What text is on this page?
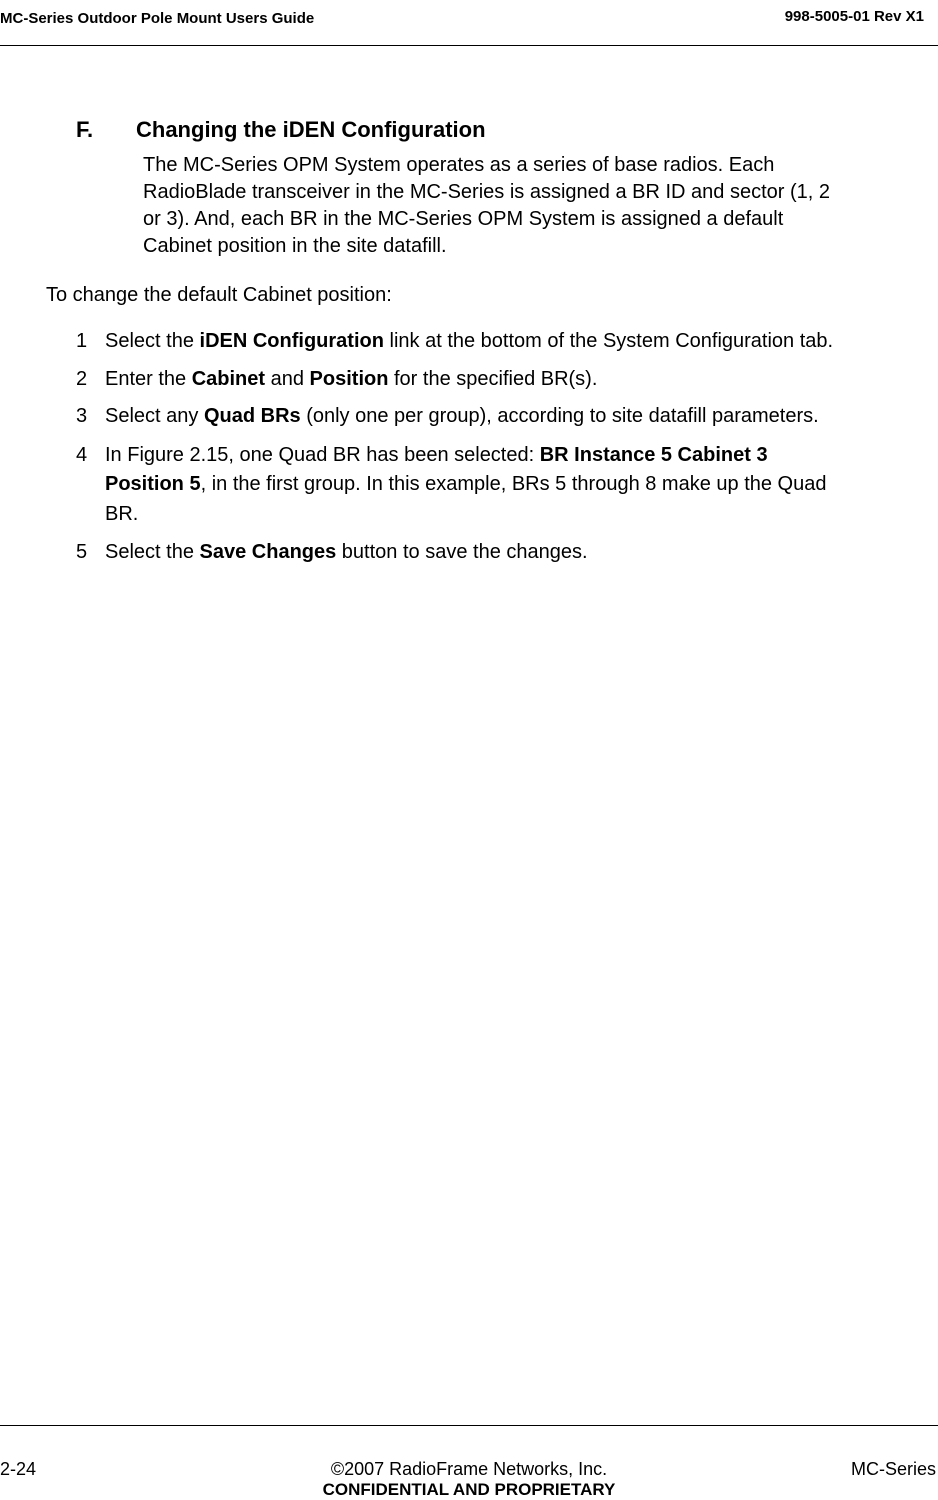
MC-Series Outdoor Pole Mount Users Guide	998-5005-01 Rev X1
F. Changing the iDEN Configuration
The MC-Series OPM System operates as a series of base radios. Each
RadioBlade transceiver in the MC-Series is assigned a BR ID and sector (1, 2
or 3). And, each BR in the MC-Series OPM System is assigned a default
Cabinet position in the site datafill.
To change the default Cabinet position:
1 Select the iDEN Configuration link at the bottom of the System Configuration tab.
2 Enter the Cabinet and Position for the specified BR(s).
3 Select any Quad BRs (only one per group), according to site datafill parameters.
4 In Figure 2.15, one Quad BR has been selected: BR Instance 5 Cabinet 3
Position 5, in the first group. In this example, BRs 5 through 8 make up the Quad
BR.
5 Select the Save Changes button to save the changes.
2-24	©2007 RadioFrame Networks, Inc.
CONFIDENTIAL AND PROPRIETARY
MC-Series
